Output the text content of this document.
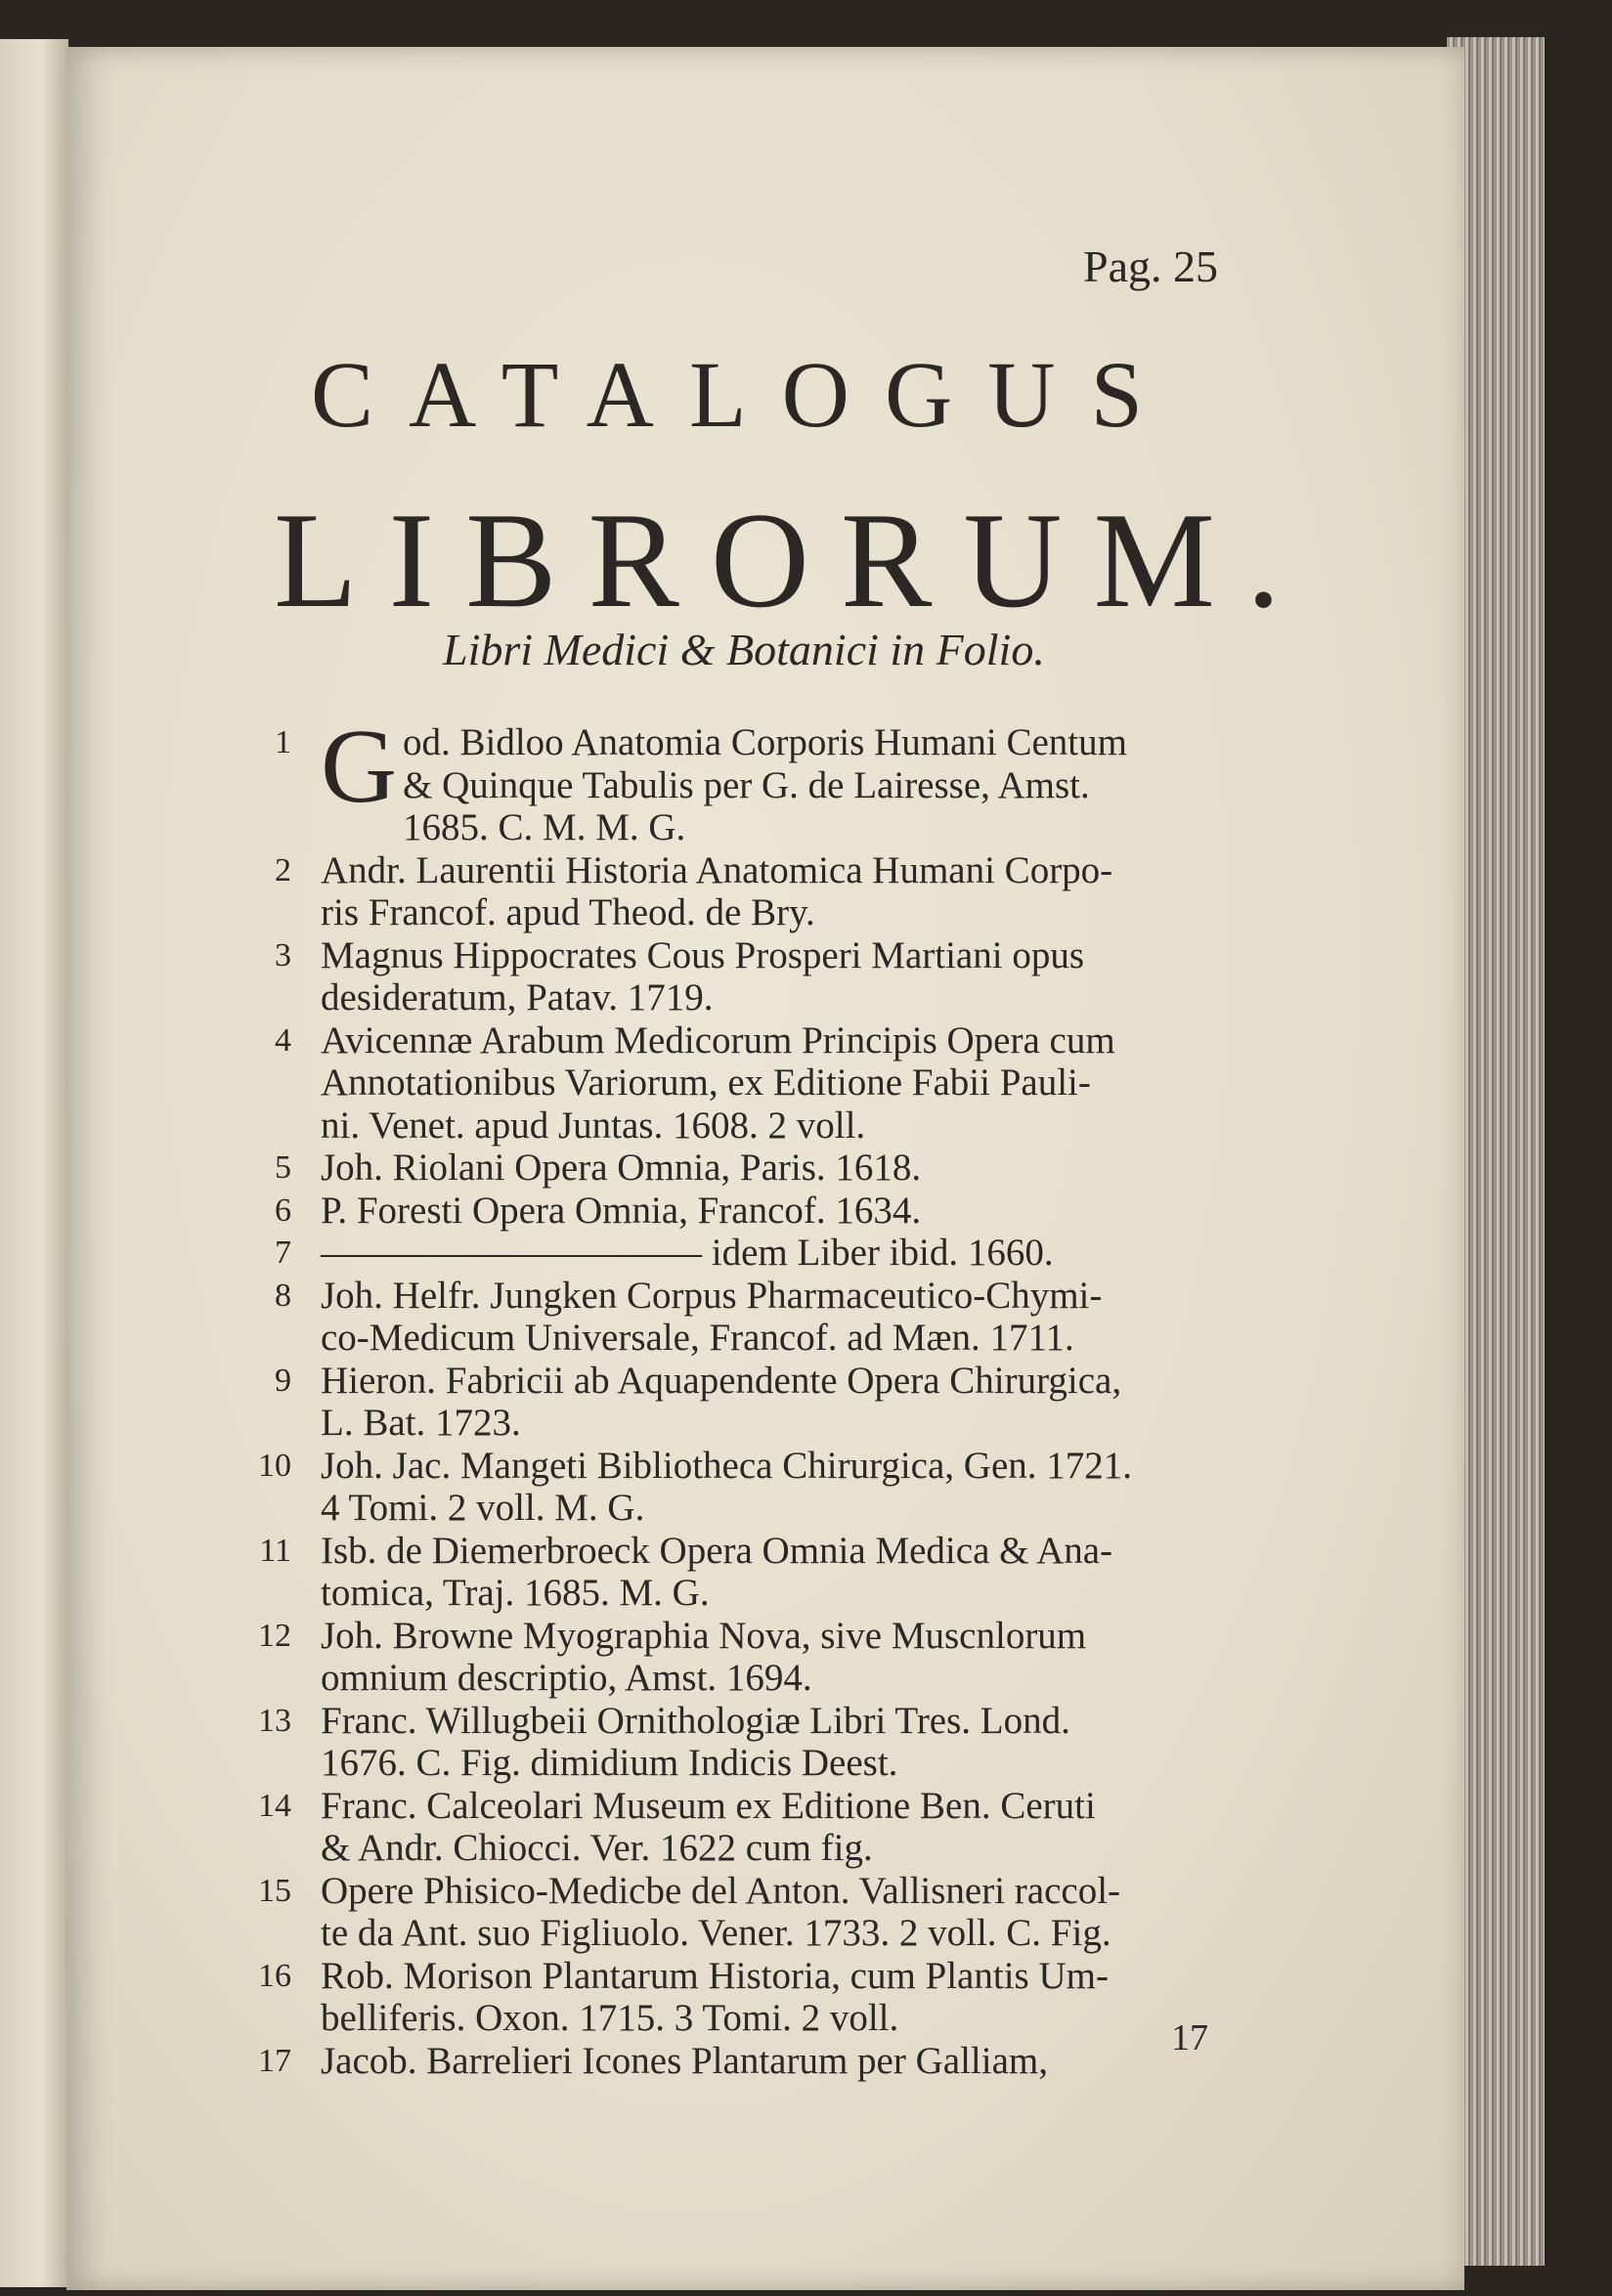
Pag. 25
CATALOGUS
LIBRORUM.
Libri Medici & Botanici in Folio.
1 G od. Bidloo Anatomia Corporis Humani Centum
& Quinque Tabulis per G. de Lairesse, Amst.
1685. C. M. M. G.
2 Andr. Laurentii Historia Anatomica Humani Corpo-
ris Francof. apud Theod. de Bry.
3 Magnus Hippocrates Cous Prosperi Martiani opus
desideratum, Patav. 1719.
4 Avicennæ Arabum Medicorum Principis Opera cum
Annotationibus Variorum, ex Editione Fabii Pauli-
ni. Venet. apud Juntas. 1608. 2 voll.
5 Joh. Riolani Opera Omnia, Paris. 1618.
6 P. Foresti Opera Omnia, Francof. 1634.
7 —————————— idem Liber ibid. 1660.
8 Joh. Helfr. Jungken Corpus Pharmaceutico-Chymi-
co-Medicum Universale, Francof. ad Mæn. 1711.
9 Hieron. Fabricii ab Aquapendente Opera Chirurgica,
L. Bat. 1723.
10 Joh. Jac. Mangeti Bibliotheca Chirurgica, Gen. 1721.
4 Tomi. 2 voll. M. G.
11 Isb. de Diemerbroeck Opera Omnia Medica & Ana-
tomica, Traj. 1685. M. G.
12 Joh. Browne Myographia Nova, sive Muscnlorum
omnium descriptio, Amst. 1694.
13 Franc. Willugbeii Ornithologiæ Libri Tres. Lond.
1676. C. Fig. dimidium Indicis Deest.
14 Franc. Calceolari Museum ex Editione Ben. Ceruti
& Andr. Chiocci. Ver. 1622 cum fig.
15 Opere Phisico-Medicbe del Anton. Vallisneri raccol-
te da Ant. suo Figliuolo. Vener. 1733. 2 voll. C. Fig.
16 Rob. Morison Plantarum Historia, cum Plantis Um-
belliferis. Oxon. 1715. 3 Tomi. 2 voll.
17 Jacob. Barrelieri Icones Plantarum per Galliam,
17
